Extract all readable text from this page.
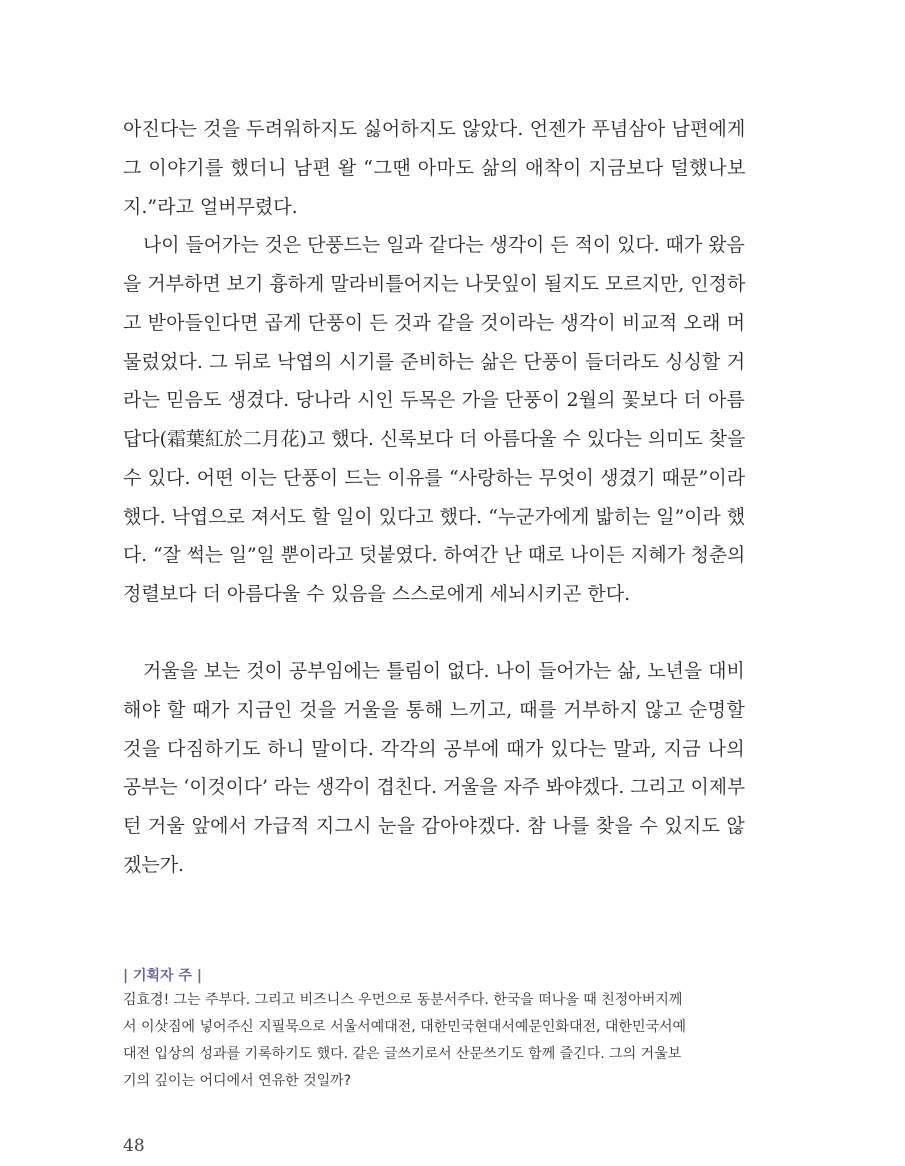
아진다는 것을 두려워하지도 싫어하지도 않았다. 언젠가 푸념삼아 남편에게
그 이야기를 했더니 남편 왈 “그땐 아마도 삶의 애착이 지금보다 덜했나보
지.”라고 얼버무렸다.
나이 들어가는 것은 단풍드는 일과 같다는 생각이 든 적이 있다. 때가 왔음
을 거부하면 보기 흉하게 말라비틀어지는 나뭇잎이 될지도 모르지만, 인정하
고 받아들인다면 곱게 단풍이 든 것과 같을 것이라는 생각이 비교적 오래 머
물렀었다. 그 뒤로 낙엽의 시기를 준비하는 삶은 단풍이 들더라도 싱싱할 거
라는 믿음도 생겼다. 당나라 시인 두목은 가을 단풍이 2월의 꽃보다 더 아름
답다(霜葉紅於二月花)고 했다. 신록보다 더 아름다울 수 있다는 의미도 찾을
수 있다. 어떤 이는 단풍이 드는 이유를 “사랑하는 무엇이 생겼기 때문”이라
했다. 낙엽으로 져서도 할 일이 있다고 했다. “누군가에게 밟히는 일”이라 했
다. “잘 썩는 일”일 뿐이라고 덧붙였다. 하여간 난 때로 나이든 지혜가 청춘의
정렬보다 더 아름다울 수 있음을 스스로에게 세뇌시키곤 한다.
거울을 보는 것이 공부임에는 틀림이 없다. 나이 들어가는 삶, 노년을 대비
해야 할 때가 지금인 것을 거울을 통해 느끼고, 때를 거부하지 않고 순명할
것을 다짐하기도 하니 말이다. 각각의 공부에 때가 있다는 말과, 지금 나의
공부는 ‘이것이다’ 라는 생각이 겹친다. 거울을 자주 봐야겠다. 그리고 이제부
턴 거울 앞에서 가급적 지그시 눈을 감아야겠다. 참 나를 찾을 수 있지도 않
겠는가.
| 기획자 주 |
김효경! 그는 주부다. 그리고 비즈니스 우먼으로 동분서주다. 한국을 떠나올 때 친정아버지께
서 이삿짐에 넣어주신 지필묵으로 서울서예대전, 대한민국현대서예문인화대전, 대한민국서예
대전 입상의 성과를 기록하기도 했다. 같은 글쓰기로서 산문쓰기도 함께 즐긴다. 그의 거울보
기의 깊이는 어디에서 연유한 것일까?
48
